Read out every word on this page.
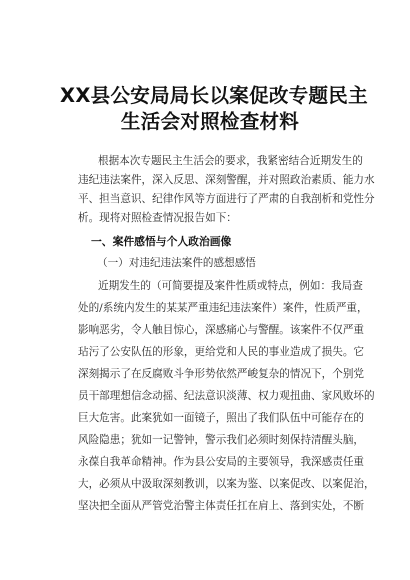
XX县公安局局长以案促改专题民主
生活会对照检查材料
根据本次专题民主生活会的要求，我紧密结合近期发生的
违纪违法案件，深入反思、深刻警醒，并对照政治素质、能力水
平、担当意识、纪律作风等方面进行了严肃的自我剖析和党性分
析。现将对照检查情况报告如下：
一、案件感悟与个人政治画像
（一）对违纪违法案件的感想感悟
近期发生的（可简要提及案件性质或特点，例如：我局查
处的/系统内发生的某某严重违纪违法案件）案件，性质严重，
影响恶劣，令人触目惊心，深感痛心与警醒。该案件不仅严重
玷污了公安队伍的形象，更给党和人民的事业造成了损失。它
深刻揭示了在反腐败斗争形势依然严峻复杂的情况下，个别党
员干部理想信念动摇、纪法意识淡薄、权力观扭曲、家风败坏的
巨大危害。此案犹如一面镜子，照出了我们队伍中可能存在的
风险隐患；犹如一记警钟，警示我们必须时刻保持清醒头脑，
永葆自我革命精神。作为县公安局的主要领导，我深感责任重
大，必须从中汲取深刻教训，以案为鉴、以案促改、以案促治，
坚决把全面从严管党治警主体责任扛在肩上、落到实处，不断
